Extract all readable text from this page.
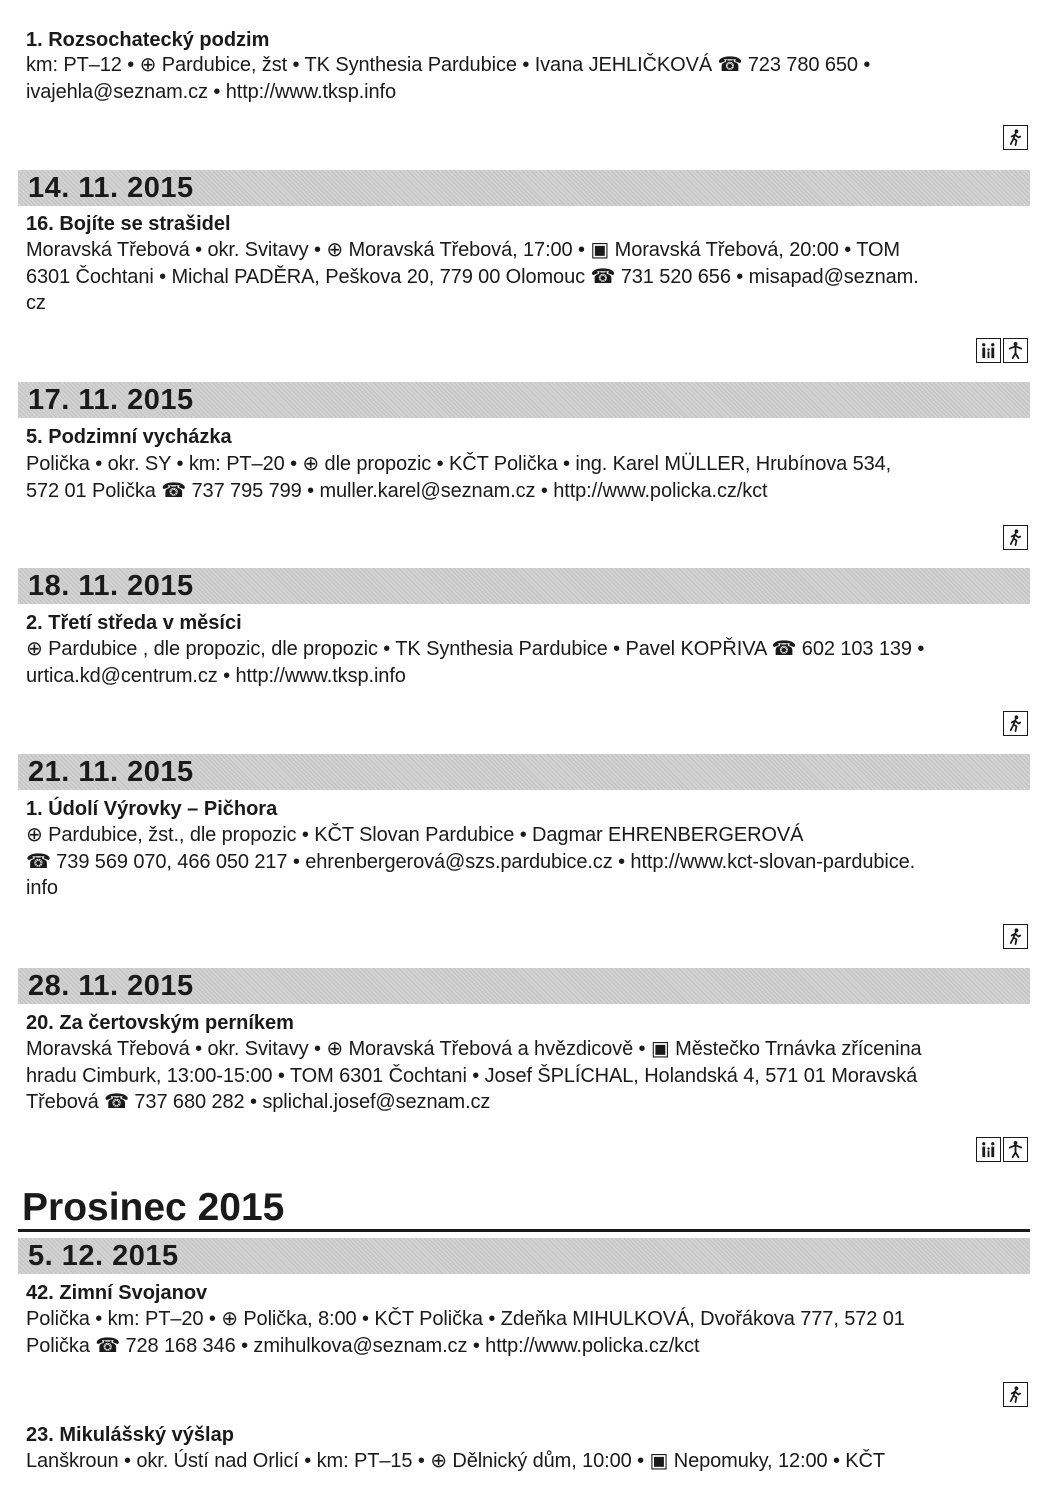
1. Rozsochatecký podzim
km: PT–12 • ⊕ Pardubice, žst • TK Synthesia Pardubice • Ivana JEHLIČKOVÁ ☎ 723 780 650 •
ivajehla@seznam.cz • http://www.tksp.info
14. 11. 2015
16. Bojíte se strašidel
Moravská Třebová • okr. Svitavy • ⊕ Moravská Třebová, 17:00 • ▣ Moravská Třebová, 20:00 • TOM
6301 Čochtani • Michal PADĚRA, Peškova 20, 779 00 Olomouc ☎ 731 520 656 • misapad@seznam.
cz
17. 11. 2015
5. Podzimní vycházka
Polička • okr. SY • km: PT–20 • ⊕ dle propozic • KČT Polička • ing. Karel MÜLLER, Hrubínova 534,
572 01 Polička ☎ 737 795 799 • muller.karel@seznam.cz • http://www.policka.cz/kct
18. 11. 2015
2. Třetí středa v měsíci
⊕ Pardubice , dle propozic, dle propozic • TK Synthesia Pardubice • Pavel KOPŘIVA ☎ 602 103 139 •
urtica.kd@centrum.cz • http://www.tksp.info
21. 11. 2015
1. Údolí Výrovky – Pičhora
⊕ Pardubice, žst., dle propozic • KČT Slovan Pardubice • Dagmar EHRENBERGEROVÁ
☎ 739 569 070, 466 050 217 • ehrenbergerová@szs.pardubice.cz • http://www.kct-slovan-pardubice.
info
28. 11. 2015
20. Za čertovským perníkem
Moravská Třebová • okr. Svitavy • ⊕ Moravská Třebová a hvězdicově • ▣ Městečko Trnávka zřícenina
hradu Cimburk, 13:00-15:00 • TOM 6301 Čochtani • Josef ŠPLÍCHAL, Holandská 4, 571 01 Moravská
Třebová ☎ 737 680 282 • splichal.josef@seznam.cz
Prosinec 2015
5. 12. 2015
42. Zimní Svojanov
Polička • km: PT–20 • ⊕ Polička, 8:00 • KČT Polička • Zdeňka MIHULKOVÁ, Dvořákova 777, 572 01
Polička ☎ 728 168 346 • zmihulkova@seznam.cz • http://www.policka.cz/kct
23. Mikulášský výšlap
Lanškroun • okr. Ústí nad Orlicí • km: PT–15 • ⊕ Dělnický dům, 10:00 • ▣ Nepomuky, 12:00 • KČT
